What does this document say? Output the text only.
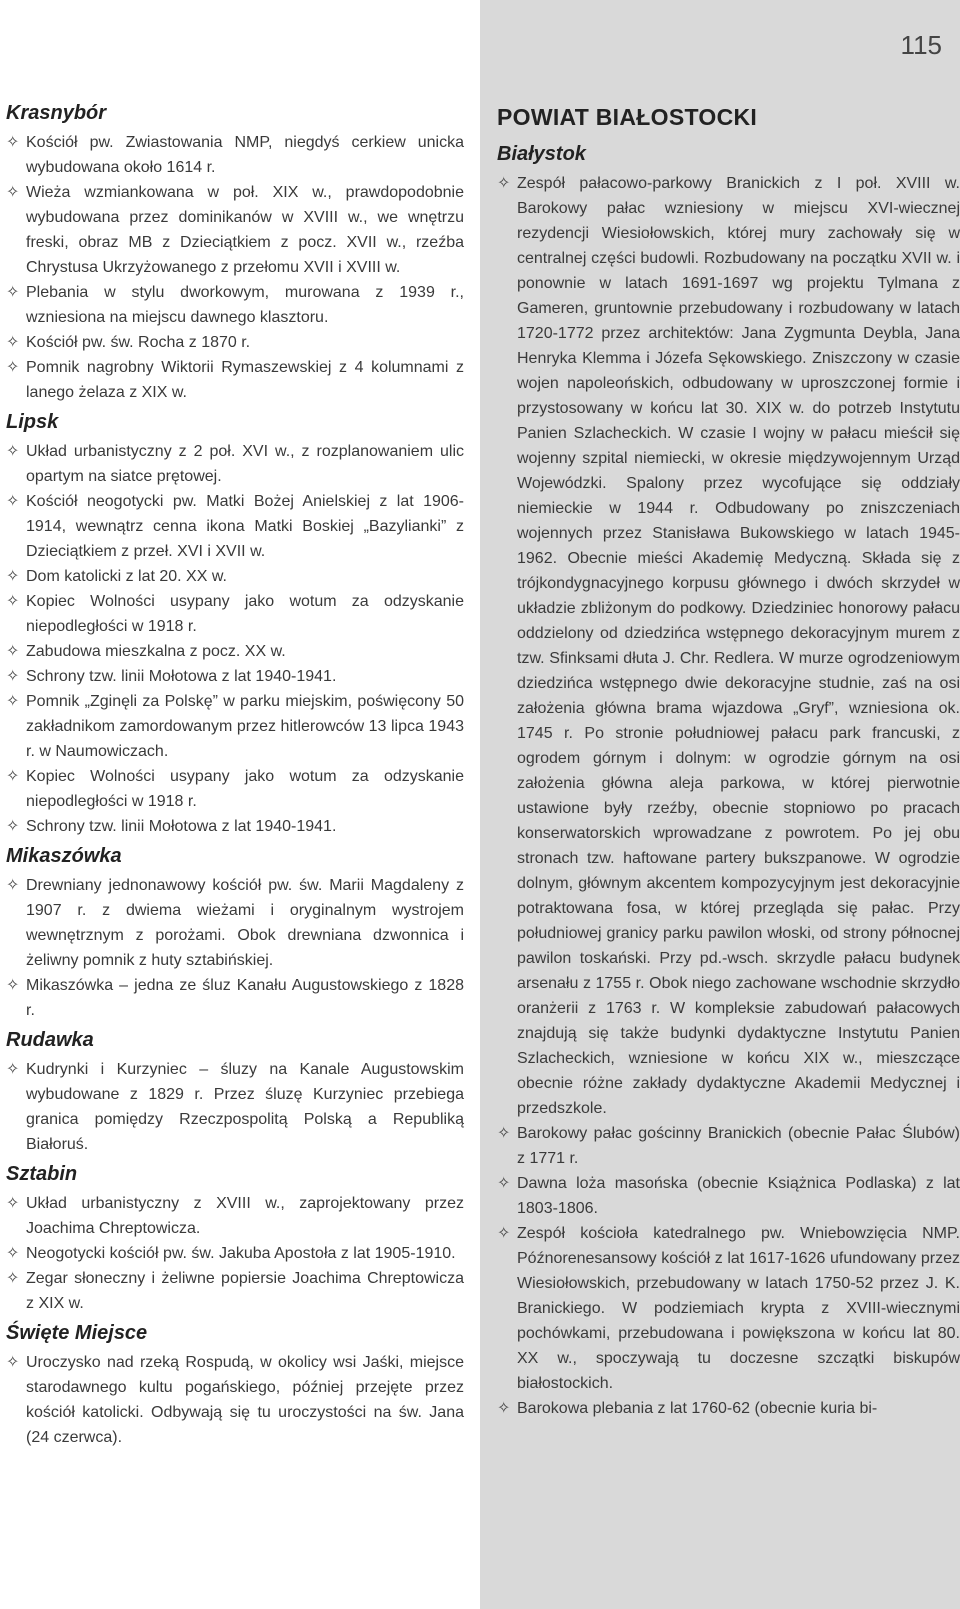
115
Krasnybór
✧ Kościół pw. Zwiastowania NMP, niegdyś cerkiew unicka wybudowana około 1614 r.
✧ Wieża wzmiankowana w poł. XIX w., prawdopodobnie wybudowana przez dominikanów w XVIII w., we wnętrzu freski, obraz MB z Dzieciątkiem z pocz. XVII w., rzeźba Chrystusa Ukrzyżowanego z przełomu XVII i XVIII w.
✧ Plebania w stylu dworkowym, murowana z 1939 r., wzniesiona na miejscu dawnego klasztoru.
✧ Kościół pw. św. Rocha z 1870 r.
✧ Pomnik nagrobny Wiktorii Rymaszewskiej z 4 kolumnami z lanego żelaza z XIX w.
Lipsk
✧ Układ urbanistyczny z 2 poł. XVI w., z rozplanowaniem ulic opartym na siatce prętowej.
✧ Kościół neogotycki pw. Matki Bożej Anielskiej z lat 1906-1914, wewnątrz cenna ikona Matki Boskiej „Bazylianki” z Dzieciątkiem z przeł. XVI i XVII w.
✧ Dom katolicki z lat 20. XX w.
✧ Kopiec Wolności usypany jako wotum za odzyskanie niepodległości w 1918 r.
✧ Zabudowa mieszkalna z pocz. XX w.
✧ Schrony tzw. linii Mołotowa z lat 1940-1941.
✧ Pomnik „Zginęli za Polskę” w parku miejskim, poświęcony 50 zakładnikom zamordowanym przez hitlerowców 13 lipca 1943 r. w Naumowiczach.
✧ Kopiec Wolności usypany jako wotum za odzyskanie niepodległości w 1918 r.
✧ Schrony tzw. linii Mołotowa z lat 1940-1941.
Mikaszówka
✧ Drewniany jednonawowy kościół pw. św. Marii Magdaleny z 1907 r. z dwiema wieżami i oryginalnym wystrojem wewnętrznym z porożami. Obok drewniana dzwonnica i żeliwny pomnik z huty sztabińskiej.
✧ Mikaszówka – jedna ze śluz Kanału Augustowskiego z 1828 r.
Rudawka
✧ Kudrynki i Kurzyniec – śluzy na Kanale Augustowskim wybudowane z 1829 r. Przez śluzę Kurzyniec przebiega granica pomiędzy Rzeczpospolitą Polską a Republiką Białoruś.
Sztabin
✧ Układ urbanistyczny z XVIII w., zaprojektowany przez Joachima Chreptowicza.
✧ Neogotycki kościół pw. św. Jakuba Apostoła z lat 1905-1910.
✧ Zegar słoneczny i żeliwne popiersie Joachima Chreptowicza z XIX w.
Święte Miejsce
✧ Uroczysko nad rzeką Rospudą, w okolicy wsi Jaśki, miejsce starodawnego kultu pogańskiego, później przejęte przez kościół katolicki. Odbywają się tu uroczystości na św. Jana (24 czerwca).
POWIAT BIAŁOSTOCKI
Białystok
✧ Zespół pałacowo-parkowy Branickich z I poł. XVIII w. Barokowy pałac wzniesiony w miejscu XVI-wiecznej rezydencji Wiesiołowskich, której mury zachowały się w centralnej części budowli. Rozbudowany na początku XVII w. i ponownie w latach 1691-1697 wg projektu Tylmana z Gameren, gruntownie przebudowany i rozbudowany w latach 1720-1772 przez architektów: Jana Zygmunta Deybla, Jana Henryka Klemma i Józefa Sękowskiego. Zniszczony w czasie wojen napoleońskich, odbudowany w uproszczonej formie i przystosowany w końcu lat 30. XIX w. do potrzeb Instytutu Panien Szlacheckich. W czasie I wojny w pałacu mieścił się wojenny szpital niemiecki, w okresie międzywojennym Urząd Wojewódzki. Spalony przez wycofujące się oddziały niemieckie w 1944 r. Odbudowany po zniszczeniach wojennych przez Stanisława Bukowskiego w latach 1945-1962. Obecnie mieści Akademię Medyczną. Składa się z trójkondygnacyjnego korpusu głównego i dwóch skrzydeł w układzie zbliżonym do podkowy. Dziedziniec honorowy pałacu oddzielony od dziedzińca wstępnego dekoracyjnym murem z tzw. Sfinksami dłuta J. Chr. Redlera. W murze ogrodzeniowym dziedzińca wstępnego dwie dekoracyjne studnie, zaś na osi założenia główna brama wjazdowa „Gryf”, wzniesiona ok. 1745 r. Po stronie południowej pałacu park francuski, z ogrodem górnym i dolnym: w ogrodzie górnym na osi założenia główna aleja parkowa, w której pierwotnie ustawione były rzeźby, obecnie stopniowo po pracach konserwatorskich wprowadzane z powrotem. Po jej obu stronach tzw. haftowane partery bukszpanowe. W ogrodzie dolnym, głównym akcentem kompozycyjnym jest dekoracyjnie potraktowana fosa, w której przegląda się pałac. Przy południowej granicy parku pawilon włoski, od strony północnej pawilon toskański. Przy pd.-wsch. skrzydle pałacu budynek arsenału z 1755 r. Obok niego zachowane wschodnie skrzydło oranżerii z 1763 r. W kompleksie zabudowań pałacowych znajdują się także budynki dydaktyczne Instytutu Panien Szlacheckich, wzniesione w końcu XIX w., mieszczące obecnie różne zakłady dydaktyczne Akademii Medycznej i przedszkole.
✧ Barokowy pałac gościnny Branickich (obecnie Pałac Ślubów) z 1771 r.
✧ Dawna loża masońska (obecnie Książnica Podlaska) z lat 1803-1806.
✧ Zespół kościoła katedralnego pw. Wniebowzięcia NMP. Późnorenesansowy kościół z lat 1617-1626 ufundowany przez Wiesiołowskich, przebudowany w latach 1750-52 przez J. K. Branickiego. W podziemiach krypta z XVIII-wiecznymi pochówkami, przebudowana i powiększona w końcu lat 80. XX w., spoczywają tu doczesne szczątki biskupów białostockich.
✧ Barokowa plebania z lat 1760-62 (obecnie kuria bi-
